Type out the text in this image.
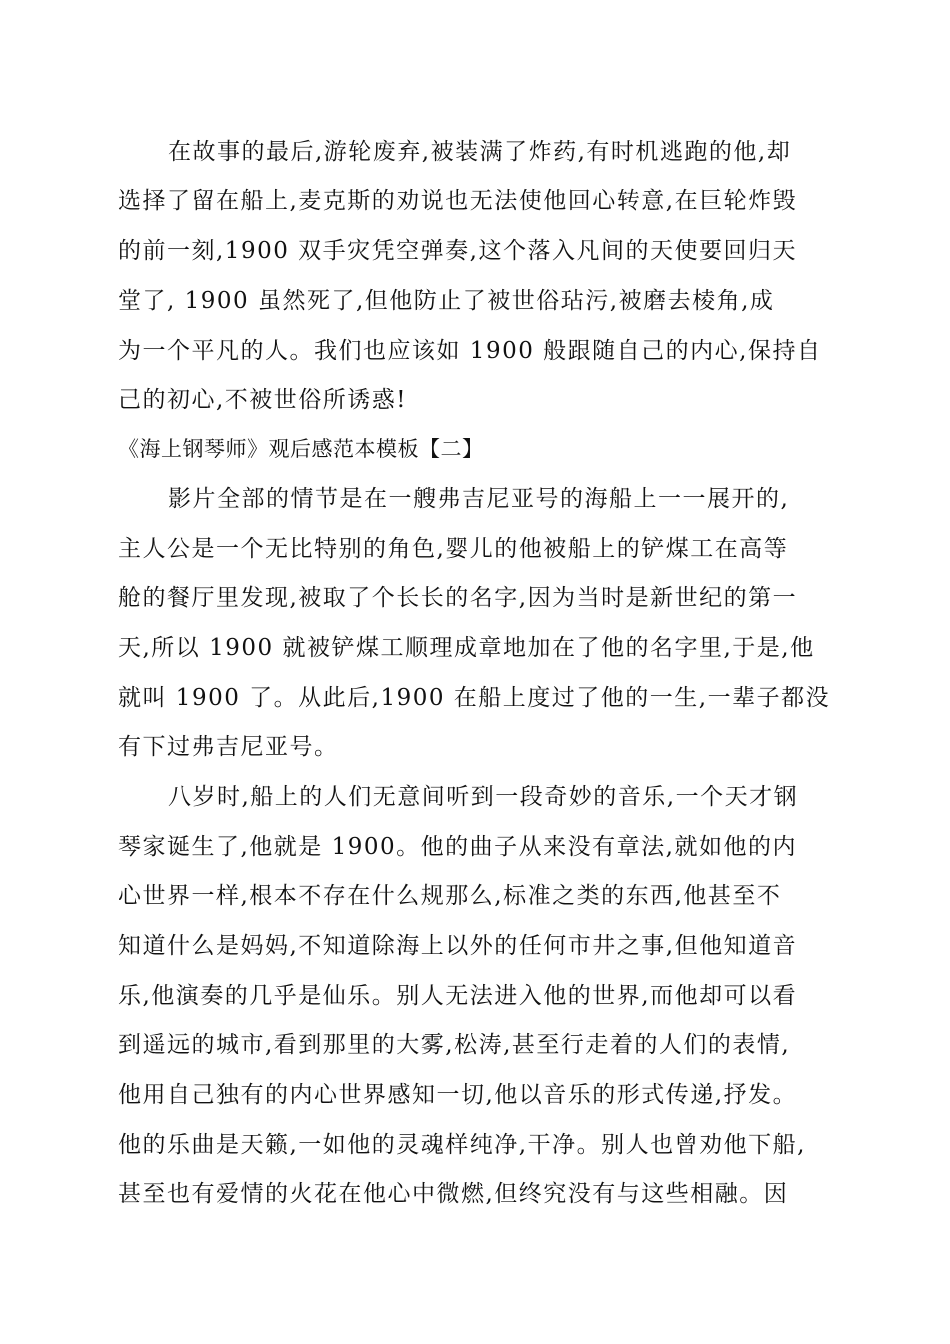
在故事的最后,游轮废弃,被装满了炸药,有时机逃跑的他,却
选择了留在船上,麦克斯的劝说也无法使他回心转意,在巨轮炸毁
的前一刻,1900 双手灾凭空弹奏,这个落入凡间的天使要回归天
堂了, 1900 虽然死了,但他防止了被世俗玷污,被磨去棱角,成
为一个平凡的人。我们也应该如 1900 般跟随自己的内心,保持自
己的初心,不被世俗所诱惑!
《海上钢琴师》观后感范本模板【二】
影片全部的情节是在一艘弗吉尼亚号的海船上一一展开的,
主人公是一个无比特别的角色,婴儿的他被船上的铲煤工在高等
舱的餐厅里发现,被取了个长长的名字,因为当时是新世纪的第一
天,所以 1900 就被铲煤工顺理成章地加在了他的名字里,于是,他
就叫 1900 了。从此后,1900 在船上度过了他的一生,一辈子都没
有下过弗吉尼亚号。
八岁时,船上的人们无意间听到一段奇妙的音乐,一个天才钢
琴家诞生了,他就是 1900。他的曲子从来没有章法,就如他的内
心世界一样,根本不存在什么规那么,标准之类的东西,他甚至不
知道什么是妈妈,不知道除海上以外的任何市井之事,但他知道音
乐,他演奏的几乎是仙乐。别人无法进入他的世界,而他却可以看
到遥远的城市,看到那里的大雾,松涛,甚至行走着的人们的表情,
他用自己独有的内心世界感知一切,他以音乐的形式传递,抒发。
他的乐曲是天籁,一如他的灵魂样纯净,干净。别人也曾劝他下船,
甚至也有爱情的火花在他心中微燃,但终究没有与这些相融。因
